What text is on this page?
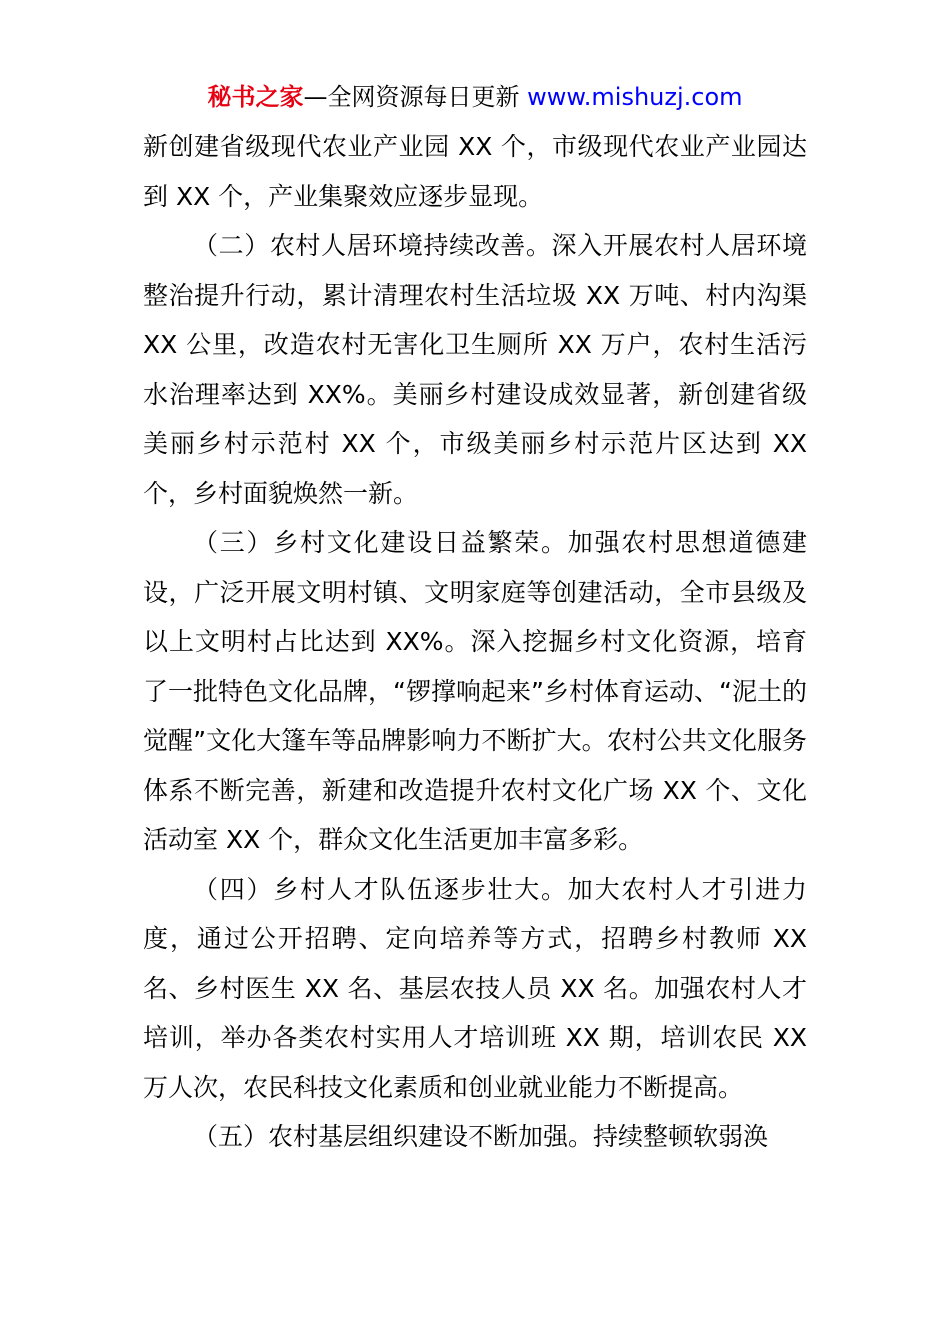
秘书之家—全网资源每日更新 www.mishuzj.com

新创建省级现代农业产业园 XX 个，市级现代农业产业园达到 XX 个，产业集聚效应逐步显现。

（二）农村人居环境持续改善。深入开展农村人居环境整治提升行动，累计清理农村生活垃圾 XX 万吨、村内沟渠 XX 公里，改造农村无害化卫生厕所 XX 万户，农村生活污水治理率达到 XX%。美丽乡村建设成效显著，新创建省级美丽乡村示范村 XX 个，市级美丽乡村示范片区达到 XX 个，乡村面貌焕然一新。

（三）乡村文化建设日益繁荣。加强农村思想道德建设，广泛开展文明村镇、文明家庭等创建活动，全市县级及以上文明村占比达到 XX%。深入挖掘乡村文化资源，培育了一批特色文化品牌，“锣撑响起来”乡村体育运动、“泥土的觉醒”文化大篷车等品牌影响力不断扩大。农村公共文化服务体系不断完善，新建和改造提升农村文化广场 XX 个、文化活动室 XX 个，群众文化生活更加丰富多彩。

（四）乡村人才队伍逐步壮大。加大农村人才引进力度，通过公开招聘、定向培养等方式，招聘乡村教师 XX 名、乡村医生 XX 名、基层农技人员 XX 名。加强农村人才培训，举办各类农村实用人才培训班 XX 期，培训农民 XX 万人次，农民科技文化素质和创业就业能力不断提高。

（五）农村基层组织建设不断加强。持续整顿软弱涣
